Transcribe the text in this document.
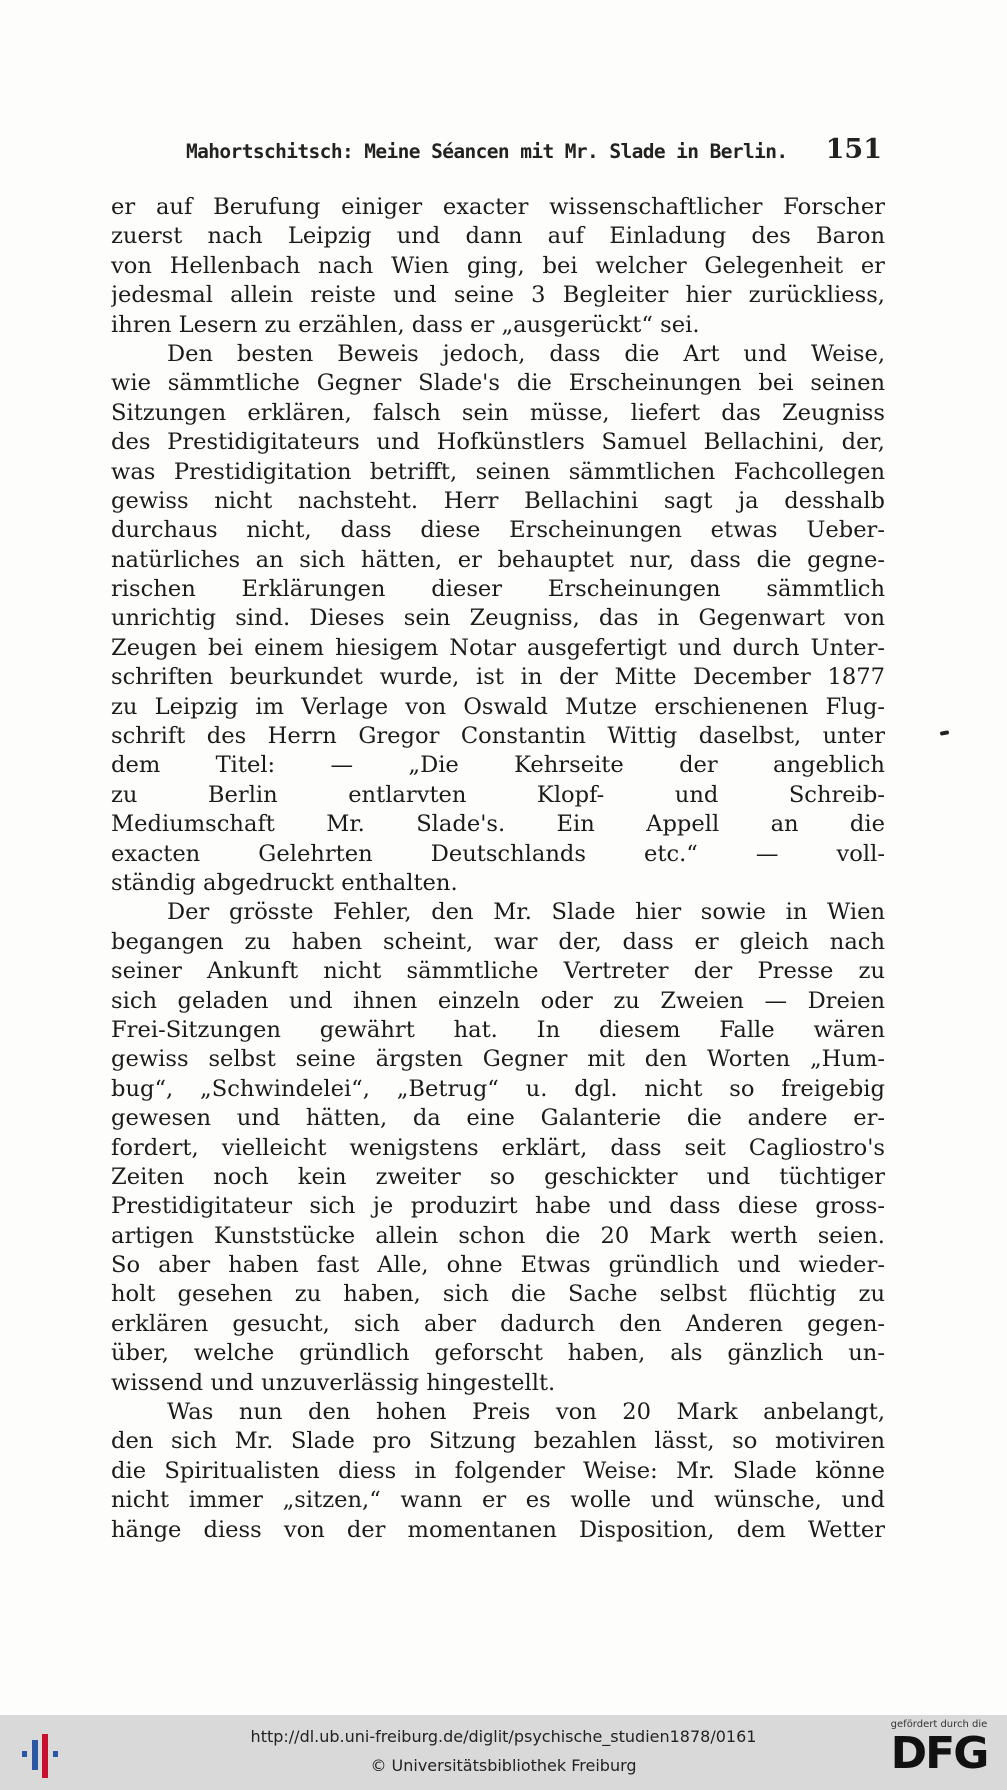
Mahortschitsch: Meine Séancen mit Mr. Slade in Berlin. 151
er auf Berufung einiger exacter wissenschaftlicher Forscher
zuerst nach Leipzig und dann auf Einladung des Baron
von Hellenbach nach Wien ging, bei welcher Gelegenheit er
jedesmal allein reiste und seine 3 Begleiter hier zurückliess,
ihren Lesern zu erzählen, dass er „ausgerückt“ sei.
Den besten Beweis jedoch, dass die Art und Weise,
wie sämmtliche Gegner Slade's die Erscheinungen bei seinen
Sitzungen erklären, falsch sein müsse, liefert das Zeugniss
des Prestidigitateurs und Hofkünstlers Samuel Bellachini, der,
was Prestidigitation betrifft, seinen sämmtlichen Fachcollegen
gewiss nicht nachsteht. Herr Bellachini sagt ja desshalb
durchaus nicht, dass diese Erscheinungen etwas Ueber-
natürliches an sich hätten, er behauptet nur, dass die gegne-
rischen Erklärungen dieser Erscheinungen sämmtlich
unrichtig sind. Dieses sein Zeugniss, das in Gegenwart von
Zeugen bei einem hiesigem Notar ausgefertigt und durch Unter-
schriften beurkundet wurde, ist in der Mitte December 1877
zu Leipzig im Verlage von Oswald Mutze erschienenen Flug-
schrift des Herrn Gregor Constantin Wittig daselbst, unter
dem Titel: — „Die Kehrseite der angeblich
zu Berlin entlarvten Klopf- und Schreib-
Mediumschaft Mr. Slade's. Ein Appell an die
exacten Gelehrten Deutschlands etc.“ — voll-
ständig abgedruckt enthalten.
Der grösste Fehler, den Mr. Slade hier sowie in Wien
begangen zu haben scheint, war der, dass er gleich nach
seiner Ankunft nicht sämmtliche Vertreter der Presse zu
sich geladen und ihnen einzeln oder zu Zweien — Dreien
Frei-Sitzungen gewährt hat. In diesem Falle wären
gewiss selbst seine ärgsten Gegner mit den Worten „Hum-
bug“, „Schwindelei“, „Betrug“ u. dgl. nicht so freigebig
gewesen und hätten, da eine Galanterie die andere er-
fordert, vielleicht wenigstens erklärt, dass seit Cagliostro's
Zeiten noch kein zweiter so geschickter und tüchtiger
Prestidigitateur sich je produzirt habe und dass diese gross-
artigen Kunststücke allein schon die 20 Mark werth seien.
So aber haben fast Alle, ohne Etwas gründlich und wieder-
holt gesehen zu haben, sich die Sache selbst flüchtig zu
erklären gesucht, sich aber dadurch den Anderen gegen-
über, welche gründlich geforscht haben, als gänzlich un-
wissend und unzuverlässig hingestellt.
Was nun den hohen Preis von 20 Mark anbelangt,
den sich Mr. Slade pro Sitzung bezahlen lässt, so motiviren
die Spiritualisten diess in folgender Weise: Mr. Slade könne
nicht immer „sitzen,“ wann er es wolle und wünsche, und
hänge diess von der momentanen Disposition, dem Wetter
http://dl.ub.uni-freiburg.de/diglit/psychische_studien1878/0161
© Universitätsbibliothek Freiburg
gefördert durch die
DFG
